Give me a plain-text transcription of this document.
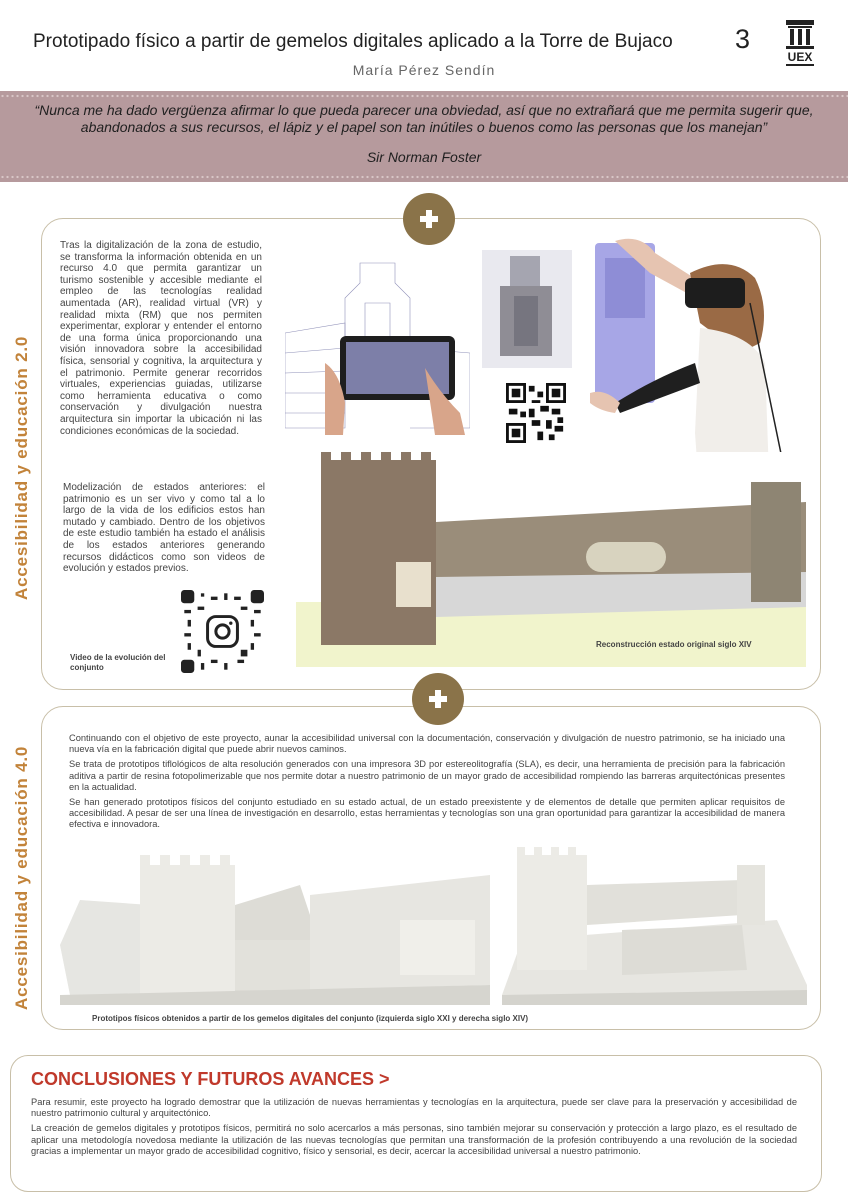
Prototipado físico a partir de gemelos digitales aplicado a la Torre de Bujaco 3
María Pérez Sendín
UEX
“Nunca me ha dado vergüenza afirmar lo que pueda parecer una obviedad, así que no extrañará que me permita sugerir que, abandonados a sus recursos, el lápiz y el papel son tan inútiles o buenos como las personas que los manejan”
Sir Norman Foster
Accesibilidad y educación 2.0
Tras la digitalización de la zona de estudio, se transforma la información obtenida en un recurso 4.0 que permita garantizar un turismo sostenible y accesible mediante el empleo de las tecnologías realidad aumentada (AR), realidad virtual (VR) y realidad mixta (RM) que nos permiten experimentar, explorar y entender el entorno de una forma única proporcionando una visión innovadora sobre la accesibilidad física, sensorial y cognitiva, la arquitectura y el patrimonio. Permite generar recorridos virtuales, experiencias guiadas, utilizarse como herramienta educativa o como conservación y divulgación nuestra arquitectura sin importar la ubicación ni las condiciones económicas de la sociedad.
Modelización de estados anteriores: el patrimonio es un ser vivo y como tal a lo largo de la vida de los edificios estos han mutado y cambiado. Dentro de los objetivos de este estudio también ha estado el análisis de los estados anteriores generando recursos didácticos como son videos de evolución y estados previos.
Reconstrucción estado original siglo XIV
Video de la evolución del conjunto
Accesibilidad y educación 4.0

Continuando con el objetivo de este proyecto, aunar la accesibilidad universal con la documentación, conservación y divulgación de nuestro patrimonio, se ha iniciado una nueva vía en la fabricación digital que puede abrir nuevos caminos.

Se trata de prototipos tiflológicos de alta resolución generados con una impresora 3D por estereolitografía (SLA), es decir, una herramienta de precisión para la fabricación aditiva a partir de resina fotopolimerizable que nos permite dotar a nuestro patrimonio de un mayor grado de accesibilidad rompiendo las barreras arquitectónicas presentes en la actualidad.

Se han generado prototipos físicos del conjunto estudiado en su estado actual, de un estado preexistente y de elementos de detalle que permiten aplicar requisitos de accesibilidad. A pesar de ser una línea de investigación en desarrollo, estas herramientas y tecnologías son una gran oportunidad para garantizar la accesibilidad de manera efectiva e innovadora.

Prototipos físicos obtenidos a partir de los gemelos digitales del conjunto (izquierda siglo XXI y derecha siglo XIV)
CONCLUSIONES Y FUTUROS AVANCES >

Para resumir, este proyecto ha logrado demostrar que la utilización de nuevas herramientas y tecnologías en la arquitectura, puede ser clave para la preservación y accesibilidad de nuestro patrimonio cultural y arquitectónico.

La creación de gemelos digitales y prototipos físicos, permitirá no solo acercarlos a más personas, sino también mejorar su conservación y protección a largo plazo, es el resultado de aplicar una metodología novedosa mediante la utilización de las nuevas tecnologías que permitan una transformación de la profesión contribuyendo a una revolución de la sociedad gracias a implementar un mayor grado de accesibilidad cognitivo, físico y sensorial, es decir, acercar la accesibilidad universal a nuestro patrimonio.
